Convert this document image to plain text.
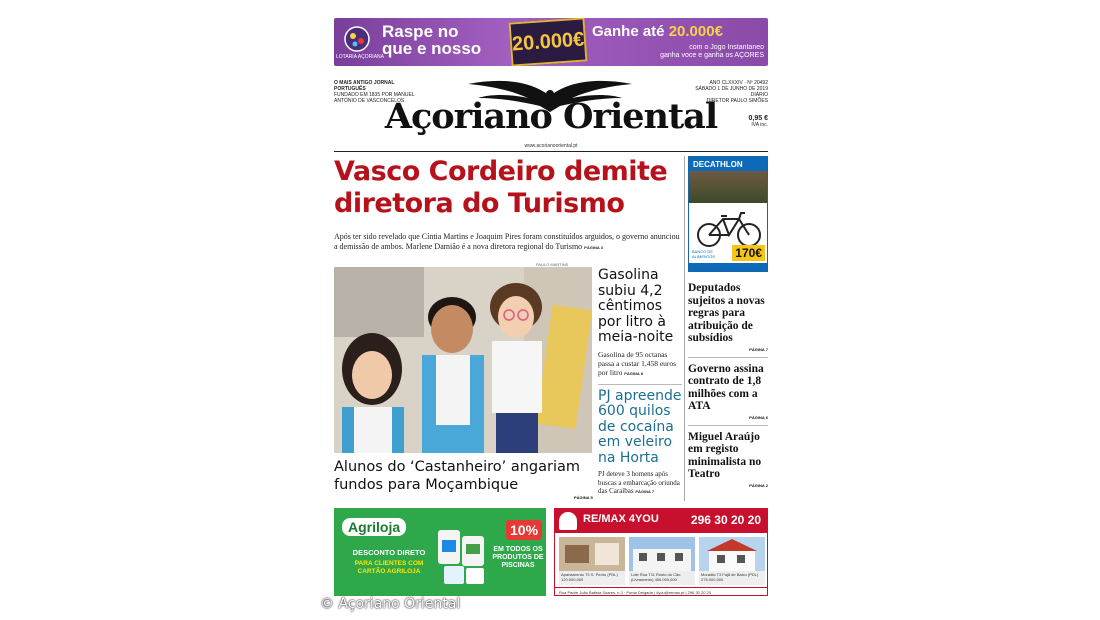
LOTARIA AÇORIANA
Raspe no
que e nosso 20.000€ Ganhe até 20.000€
com o Jogo Instantaneo
ganha voce e ganha os AÇORES
O MAIS ANTIGO JORNAL PORTUGUÊS
FUNDADO EM 1835 POR MANUEL ANTÓNIO DE VASCONCELOS
Açoriano Oriental
ANO CLXXXIV · Nº 20492 SÁBADO 1 DE JUNHO DE 2019 DIÁRIO
DIRETOR PAULO SIMÕES
0,95 €
IVA inc.
www.acorianooriental.pt
Vasco Cordeiro demite diretora do Turismo

Após ter sido revelado que Cíntia Martins e Joaquim Pires foram constituídos arguidos, o governo anunciou a demissão de ambos. Marlene Damião é a nova diretora regional do Turismo PÁGINA 3

PAULO MARTINS
Alunos do ‘Castanheiro’ angariam fundos para Moçambique
PÁGINA 5
Gasolina subiu 4,2 cêntimos por litro à meia-noite
Gasolina de 95 octanas passa a custar 1,458 euros por litro PÁGINA 8
PJ apreende 600 quilos de cocaína em veleiro na Horta
PJ deteve 3 homens após buscas a embarcação oriunda das Caraíbas PÁGINA 7
DECATHLON
BANCO DE ALIMENTOS	170€
Deputados sujeitos a novas regras para atribuição de subsídios
PÁGINA 7
Governo assina contrato de 1,8 milhões com a ATA
PÁGINA 6
Miguel Araújo em registo minimalista no Teatro
PÁGINA 2
Agriloja
DESCONTO DIRETO
PARA CLIENTES COM CARTÃO AGRILOJA
10%
EM TODOS OS PRODUTOS DE PISCINAS
RE/MAX 4YOU	296 30 20 20
Apartamento T3 S. Pedro (PDL) 120.000,000
Lote Rua T11 Rosto do Cão (Livramento) 450.000,000
Moradia T3 Fajã de Baixo (PDL) 275.000,000
Rua Padre João Batista Soares, n.3 · Ponta Delgada | 4you@remax.pt | 296 30 20 20
© Açoriano Oriental
